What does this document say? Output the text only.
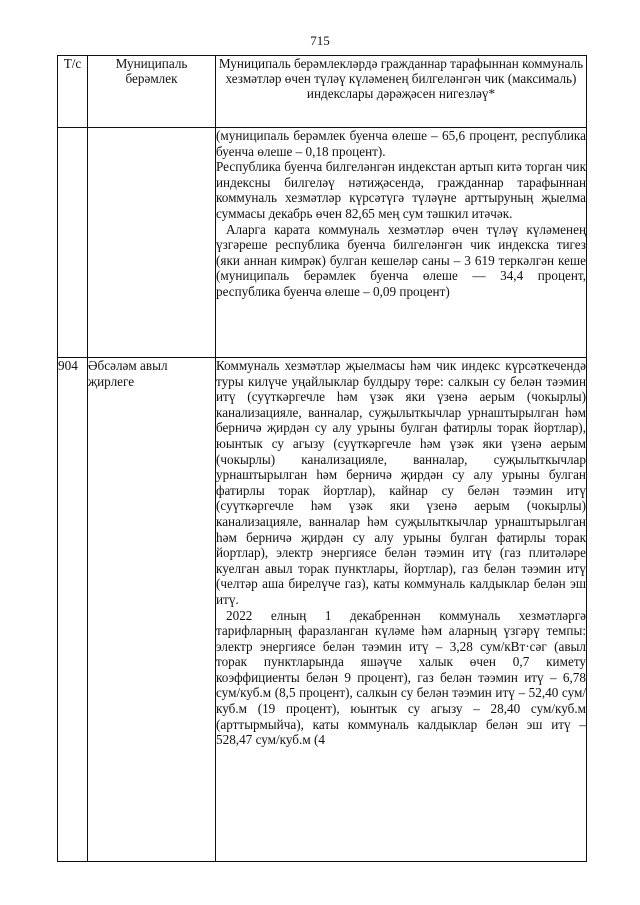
715
Т/с	Муниципаль берәмлек	Муниципаль берәмлекләрдә гражданнар тарафыннан коммуналь хезмәтләр өчен түләү күләменең билгеләнгән чик (максималь) индекслары дәрәҗәсен нигезләү*

		(муниципаль берәмлек буенча өлеше – 65,6 процент, республика буенча өлеше – 0,18 процент).

Республика буенча билгеләнгән индекстан артып китә торган чик индексны билгеләү нәтиҗәсендә, гражданнар тарафыннан коммуналь хезмәтләр күрсәтүгә түләүне арттыруның җыелма суммасы декабрь өчен 82,65 мең сум тәшкил итәчәк.

Аларга карата коммуналь хезмәтләр өчен түләү күләменең үзгәреше республика буенча билгеләнгән чик индекска тигез (яки аннан кимрәк) булган кешеләр саны – 3 619 теркәлгән кеше (муниципаль берәмлек буенча өлеше — 34,4 процент, республика буенча өлеше – 0,09 процент)

904	Әбсәләм авыл җирлеге	Коммуналь хезмәтләр җыелмасы һәм чик индекс күрсәткечендә туры килүче уңайлыклар булдыру төре: салкын су белән тәэмин итү (суүткәргечле һәм үзәк яки үзенә аерым (чокырлы) канализацияле, ванналар, суҗылыткычлар урнаштырылган һәм берничә җирдән су алу урыны булган фатирлы торак йортлар), юынтык су агызу (суүткәргечле һәм үзәк яки үзенә аерым (чокырлы) канализацияле, ванналар, суҗылыткычлар урнаштырылган һәм берничә җирдән су алу урыны булган фатирлы торак йортлар), кайнар су белән тәэмин итү (суүткәргечле һәм үзәк яки үзенә аерым (чокырлы) канализацияле, ванналар һәм суҗылыткычлар урнаштырылган һәм берничә җирдән су алу урыны булган фатирлы торак йортлар), электр энергиясе белән тәэмин итү (газ плитәләре куелган авыл торак пунктлары, йортлар), газ белән тәэмин итү (челтәр аша бирелүче газ), каты коммуналь калдыклар белән эш итү.

2022 елның 1 декабреннән коммуналь хезмәтләргә тарифларның фаразланган күләме һәм аларның үзгәрү темпы: электр энергиясе белән тәэмин итү – 3,28 сум/кВт·сәг (авыл торак пунктларында яшәүче халык өчен 0,7 кимету коэффициенты белән 9 процент), газ белән тәэмин итү – 6,78 сум/куб.м (8,5 процент), салкын су белән тәэмин итү – 52,40 сум/куб.м (19 процент), юынтык су агызу – 28,40 сум/куб.м (арттырмыйча), каты коммуналь калдыклар белән эш итү – 528,47 сум/куб.м (4
